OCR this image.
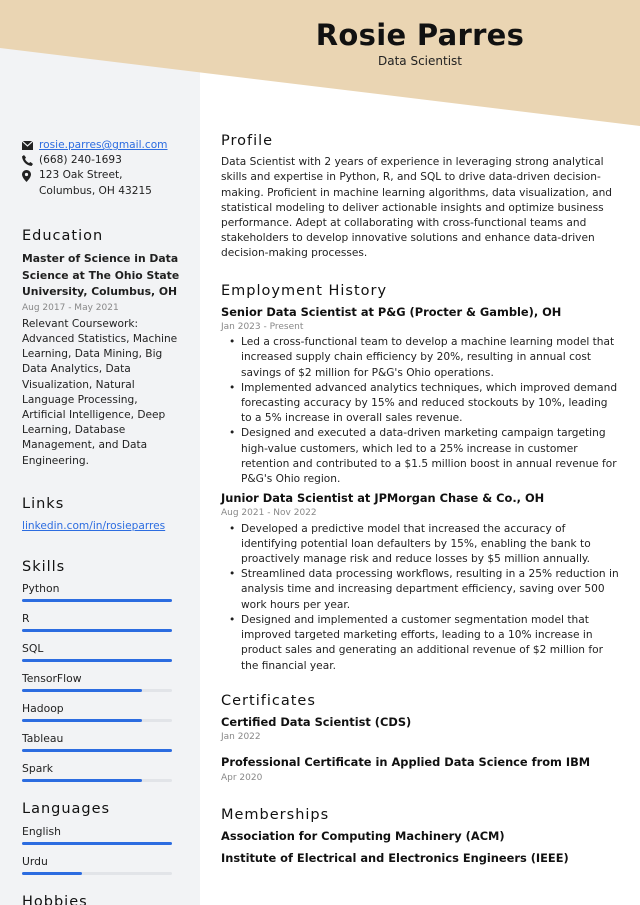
Rosie Parres
Data Scientist
rosie.parres@gmail.com
(668) 240-1693
123 Oak Street, Columbus, OH 43215
Education
Master of Science in Data Science at The Ohio State University, Columbus, OH
Aug 2017 - May 2021
Relevant Coursework: Advanced Statistics, Machine Learning, Data Mining, Big Data Analytics, Data Visualization, Natural Language Processing, Artificial Intelligence, Deep Learning, Database Management, and Data Engineering.
Links
linkedin.com/in/rosieparres
Skills
Python
R
SQL
TensorFlow
Hadoop
Tableau
Spark
Languages
English
Urdu
Hobbies
Profile
Data Scientist with 2 years of experience in leveraging strong analytical skills and expertise in Python, R, and SQL to drive data-driven decision-making. Proficient in machine learning algorithms, data visualization, and statistical modeling to deliver actionable insights and optimize business performance. Adept at collaborating with cross-functional teams and stakeholders to develop innovative solutions and enhance data-driven decision-making processes.
Employment History
Senior Data Scientist at P&G (Procter & Gamble), OH
Jan 2023 - Present
• Led a cross-functional team to develop a machine learning model that increased supply chain efficiency by 20%, resulting in annual cost savings of $2 million for P&G's Ohio operations.
• Implemented advanced analytics techniques, which improved demand forecasting accuracy by 15% and reduced stockouts by 10%, leading to a 5% increase in overall sales revenue.
• Designed and executed a data-driven marketing campaign targeting high-value customers, which led to a 25% increase in customer retention and contributed to a $1.5 million boost in annual revenue for P&G's Ohio region.
Junior Data Scientist at JPMorgan Chase & Co., OH
Aug 2021 - Nov 2022
• Developed a predictive model that increased the accuracy of identifying potential loan defaulters by 15%, enabling the bank to proactively manage risk and reduce losses by $5 million annually.
• Streamlined data processing workflows, resulting in a 25% reduction in analysis time and increasing department efficiency, saving over 500 work hours per year.
• Designed and implemented a customer segmentation model that improved targeted marketing efforts, leading to a 10% increase in product sales and generating an additional revenue of $2 million for the financial year.
Certificates
Certified Data Scientist (CDS)
Jan 2022
Professional Certificate in Applied Data Science from IBM
Apr 2020
Memberships
Association for Computing Machinery (ACM)
Institute of Electrical and Electronics Engineers (IEEE)
